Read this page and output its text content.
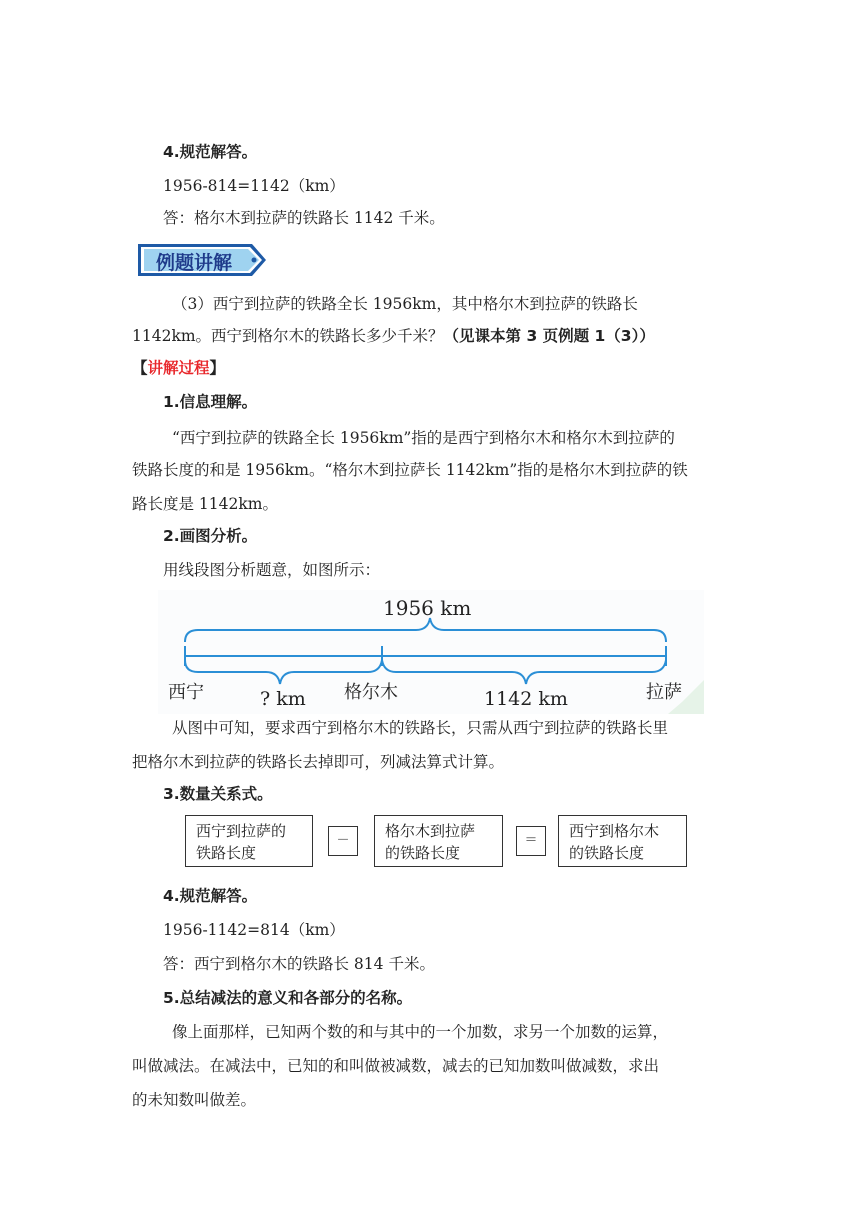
4.规范解答。
1956-814=1142（km）
答：格尔木到拉萨的铁路长 1142 千米。
例题讲解
（3）西宁到拉萨的铁路全长 1956km，其中格尔木到拉萨的铁路长
1142km。西宁到格尔木的铁路长多少千米？（见课本第 3 页例题 1（3））
【讲解过程】
1.信息理解。
“西宁到拉萨的铁路全长 1956km”指的是西宁到格尔木和格尔木到拉萨的
铁路长度的和是 1956km。“格尔木到拉萨长 1142km”指的是格尔木到拉萨的铁
路长度是 1142km。
2.画图分析。
用线段图分析题意，如图所示：
1956 km
西宁	? km 格尔木	1142 km	拉萨
从图中可知，要求西宁到格尔木的铁路长，只需从西宁到拉萨的铁路长里
把格尔木到拉萨的铁路长去掉即可，列减法算式计算。
3.数量关系式。
西宁到拉萨的
铁路长度
－
格尔木到拉萨
的铁路长度
＝
西宁到格尔木
的铁路长度
4.规范解答。
1956-1142=814（km）
答：西宁到格尔木的铁路长 814 千米。
5.总结减法的意义和各部分的名称。
像上面那样，已知两个数的和与其中的一个加数，求另一个加数的运算，
叫做减法。在减法中，已知的和叫做被减数，减去的已知加数叫做减数，求出
的未知数叫做差。
